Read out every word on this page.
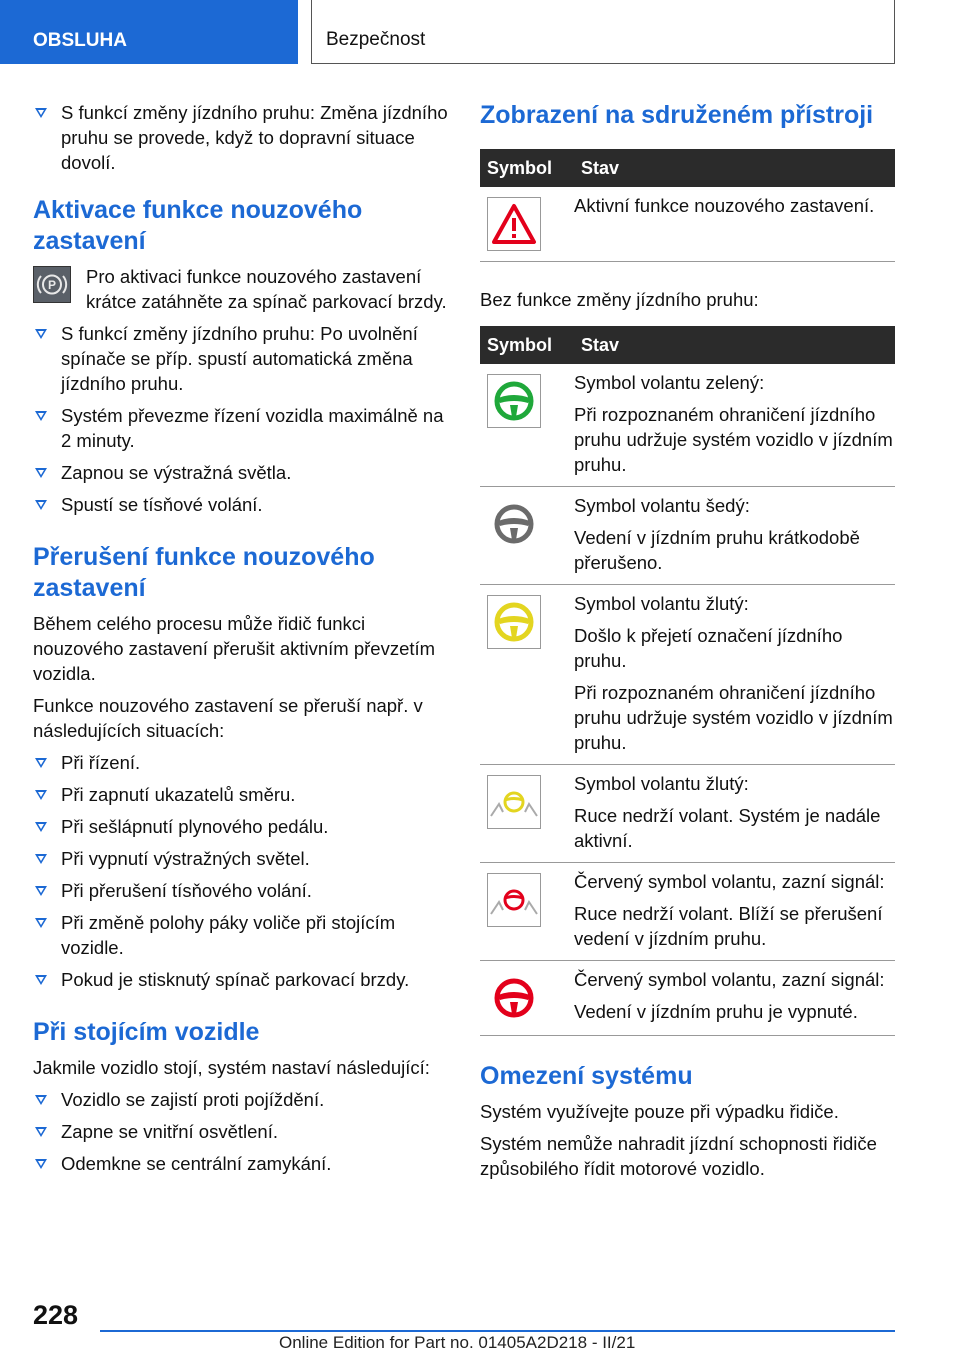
OBSLUHA	Bezpečnost
S funkcí změny jízdního pruhu: Změna jízdního pruhu se provede, když to dopravní situace dovolí.
Aktivace funkce nouzového zastavení
P Pro aktivaci funkce nouzového zastavení krátce zatáhněte za spínač parkovací brzdy.
S funkcí změny jízdního pruhu: Po uvolnění spínače se příp. spustí automatická změna jízdního pruhu.
Systém převezme řízení vozidla maximálně na 2 minuty.
Zapnou se výstražná světla.
Spustí se tísňové volání.
Přerušení funkce nouzového zastavení
Během celého procesu může řidič funkci nouzového zastavení přerušit aktivním převzetím vozidla.
Funkce nouzového zastavení se přeruší např. v následujících situacích:
Při řízení.
Při zapnutí ukazatelů směru.
Při sešlápnutí plynového pedálu.
Při vypnutí výstražných světel.
Při přerušení tísňového volání.
Při změně polohy páky voliče při stojícím vozidle.
Pokud je stisknutý spínač parkovací brzdy.
Při stojícím vozidle
Jakmile vozidlo stojí, systém nastaví následující:
Vozidlo se zajistí proti pojíždění.
Zapne se vnitřní osvětlení.
Odemkne se centrální zamykání.
Zobrazení na sdruženém přístroji
Symbol	Stav

Aktivní funkce nouzového zastavení.
Bez funkce změny jízdního pruhu:
Symbol	Stav

Symbol volantu zelený:
Při rozpoznaném ohraničení jízdního pruhu udržuje systém vozidlo v jízdním pruhu.

Symbol volantu šedý:
Vedení v jízdním pruhu krátkodobě přerušeno.

Symbol volantu žlutý:
Došlo k přejetí označení jízdního pruhu.
Při rozpoznaném ohraničení jízdního pruhu udržuje systém vozidlo v jízdním pruhu.

Symbol volantu žlutý:
Ruce nedrží volant. Systém je nadále aktivní.

Červený symbol volantu, zazní signál:
Ruce nedrží volant. Blíží se přerušení vedení v jízdním pruhu.

Červený symbol volantu, zazní signál:
Vedení v jízdním pruhu je vypnuté.
Omezení systému
Systém využívejte pouze při výpadku řidiče.
Systém nemůže nahradit jízdní schopnosti řidiče způsobilého řídit motorové vozidlo.
228
Online Edition for Part no. 01405A2D218 - II/21
